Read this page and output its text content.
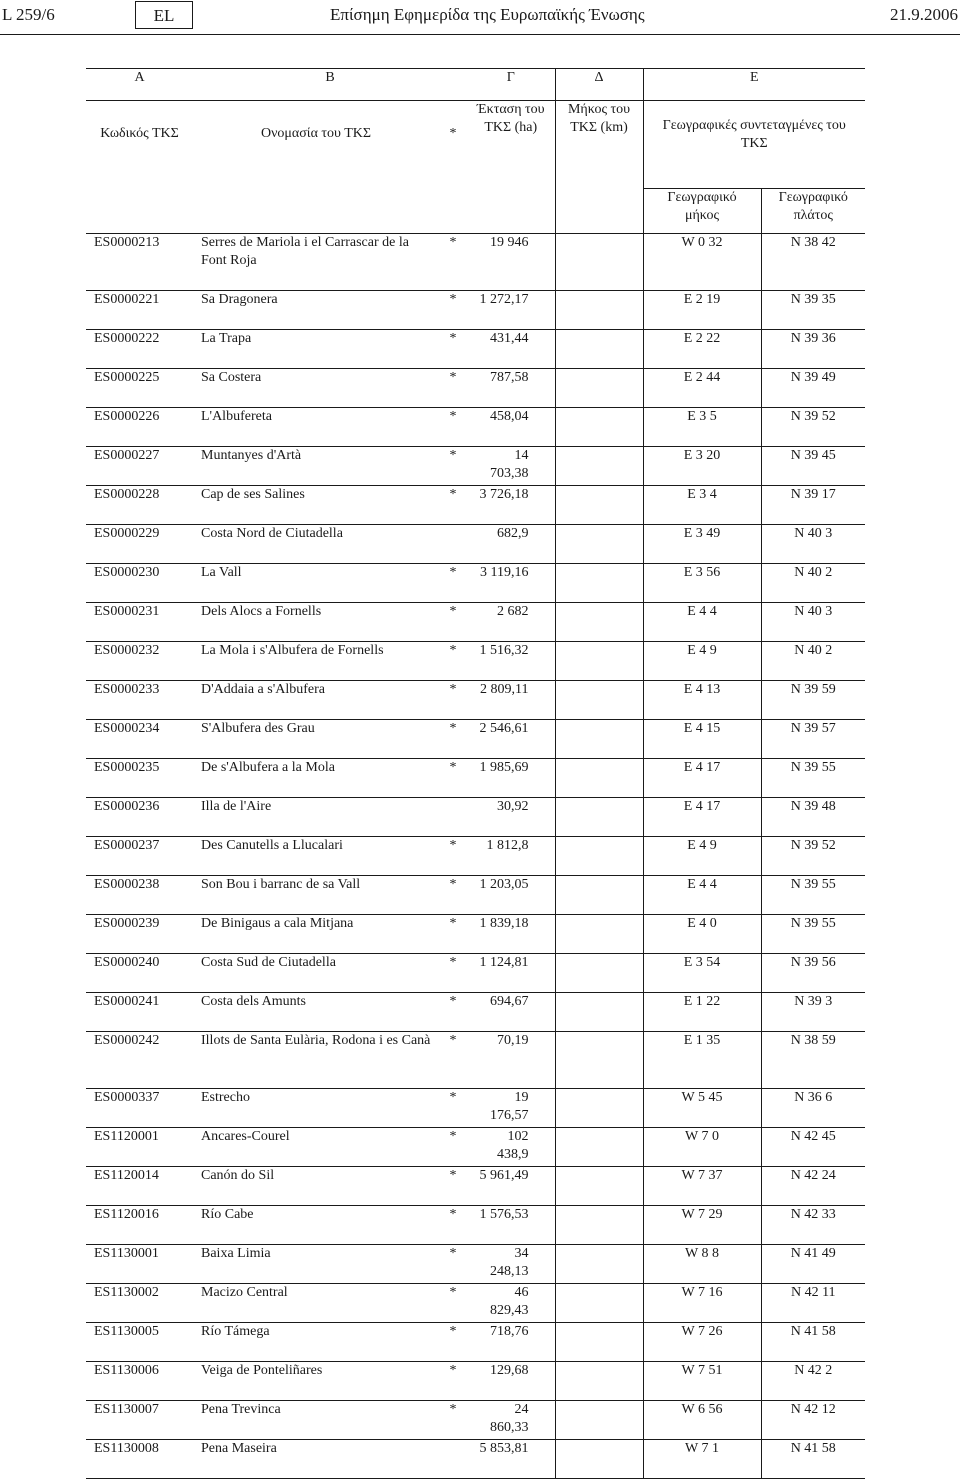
L 259/6	EL	Επίσημη Εφημερίδα της Ευρωπαϊκής Ένωσης	21.9.2006
A	B		Γ	Δ	E	
Κωδικός ΤΚΣ	Ονομασία του ΤΚΣ	*	Έκταση του ΤΚΣ (ha)	Μήκος του ΤΚΣ (km)	Γεωγραφικές συντεταγμένες του ΤΚΣ	
					Γεωγραφικό μήκος	Γεωγραφικό πλάτος
ES0000213	Serres de Mariola i el Carrascar de la Font Roja	*	19 946		W 0 32	N 38 42
ES0000221	Sa Dragonera	*	1 272,17		E 2 19	N 39 35
ES0000222	La Trapa	*	431,44		E 2 22	N 39 36
ES0000225	Sa Costera	*	787,58		E 2 44	N 39 49
ES0000226	L'Albufereta	*	458,04		E 3 5	N 39 52
ES0000227	Muntanyes d'Artà	*	14 703,38		E 3 20	N 39 45
ES0000228	Cap de ses Salines	*	3 726,18		E 3 4	N 39 17
ES0000229	Costa Nord de Ciutadella		682,9		E 3 49	N 40 3
ES0000230	La Vall	*	3 119,16		E 3 56	N 40 2
ES0000231	Dels Alocs a Fornells	*	2 682		E 4 4	N 40 3
ES0000232	La Mola i s'Albufera de Fornells	*	1 516,32		E 4 9	N 40 2
ES0000233	D'Addaia a s'Albufera	*	2 809,11		E 4 13	N 39 59
ES0000234	S'Albufera des Grau	*	2 546,61		E 4 15	N 39 57
ES0000235	De s'Albufera a la Mola	*	1 985,69		E 4 17	N 39 55
ES0000236	Illa de l'Aire		30,92		E 4 17	N 39 48
ES0000237	Des Canutells a Llucalari	*	1 812,8		E 4 9	N 39 52
ES0000238	Son Bou i barranc de sa Vall	*	1 203,05		E 4 4	N 39 55
ES0000239	De Binigaus a cala Mitjana	*	1 839,18		E 4 0	N 39 55
ES0000240	Costa Sud de Ciutadella	*	1 124,81		E 3 54	N 39 56
ES0000241	Costa dels Amunts	*	694,67		E 1 22	N 39 3
ES0000242	Illots de Santa Eulària, Rodona i es Canà	*	70,19		E 1 35	N 38 59
ES0000337	Estrecho	*	19 176,57		W 5 45	N 36 6
ES1120001	Ancares-Courel	*	102 438,9		W 7 0	N 42 45
ES1120014	Canón do Sil	*	5 961,49		W 7 37	N 42 24
ES1120016	Río Cabe	*	1 576,53		W 7 29	N 42 33
ES1130001	Baixa Limia	*	34 248,13		W 8 8	N 41 49
ES1130002	Macizo Central	*	46 829,43		W 7 16	N 42 11
ES1130005	Río Támega	*	718,76		W 7 26	N 41 58
ES1130006	Veiga de Ponteliñares	*	129,68		W 7 51	N 42 2
ES1130007	Pena Trevinca	*	24 860,33		W 6 56	N 42 12
ES1130008	Pena Maseira		5 853,81		W 7 1	N 41 58
